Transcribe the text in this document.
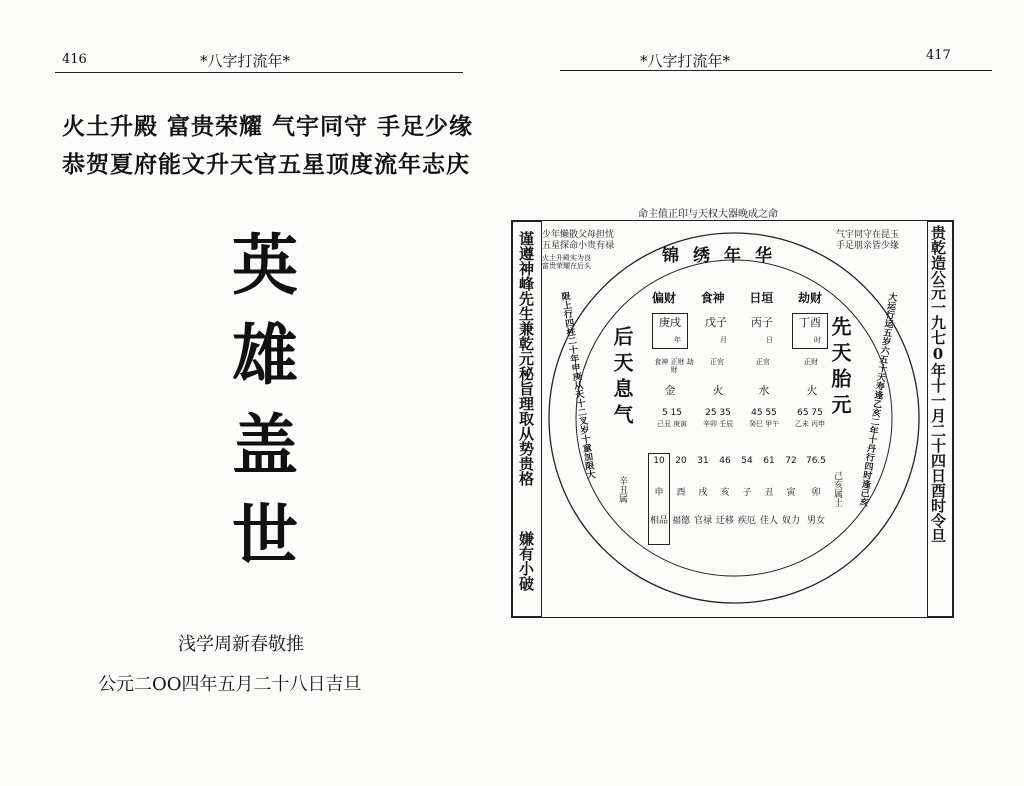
416	*八字打流年*
火土升殿 富贵荣耀 气宇同守 手足少缘
恭贺夏府能文升天官五星顶度流年志庆
英
雄
盖
世
浅学周新春敬推
公元二OO四年五月二十八日吉旦
*八字打流年*	417
命主值正印与天权大器晚成之命
谨遵神峰先生兼乾元秘旨理取从势贵格
嫌有小破
贵乾造公元一九七0年十一月二十四日酉时令旦
少年懒散父母担忧
五星探命小贵有禄
火土升殿实为良
富贵荣耀在后头
气宇同守在昆玉
手足朋亲皆少缘
锦绣年华
限上行四柱二十年申庚从天十二叉岁十童加限大	大运行运五岁六五十天寿逢乙亥二年十丹行四时逢己亥
后天息气	先天胎元
辛丑属	己亥属土
偏财 食神 日垣 劫财
庚戌 戊子 丙子 丁酉
年	月	日	时
食神 正财 劫财
正官	正官	正财
金	火	水	火
5 15	25 35	45 55	65 75
己丑 庚寅	辛卯 壬辰	癸巳 甲午	乙未 丙申
10	20	31	46	54	61	72	76.5
申	酉	戌	亥	子	丑	寅	卯
相品 福德 官禄 迁移 疾厄 佳人 奴力 男女
